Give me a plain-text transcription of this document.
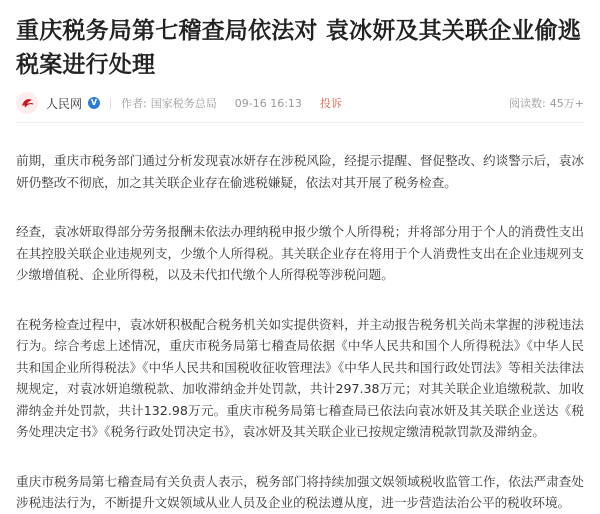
重庆税务局第七稽查局依法对 袁冰妍及其关联企业偷逃税案进行处理
人民网	V 作者: 国家税务总局 09-16 16:13 投诉	阅读数: 45万+

前期，重庆市税务部门通过分析发现袁冰妍存在涉税风险，经提示提醒、督促整改、约谈警示后，袁冰妍仍整改不彻底，加之其关联企业存在偷逃税嫌疑，依法对其开展了税务检查。

经查，袁冰妍取得部分劳务报酬未依法办理纳税申报少缴个人所得税；并将部分用于个人的消费性支出在其控股关联企业违规列支，少缴个人所得税。其关联企业存在将用于个人消费性支出在企业违规列支少缴增值税、企业所得税，以及未代扣代缴个人所得税等涉税问题。

在税务检查过程中，袁冰妍积极配合税务机关如实提供资料，并主动报告税务机关尚未掌握的涉税违法行为。综合考虑上述情况，重庆市税务局第七稽查局依据《中华人民共和国个人所得税法》《中华人民共和国企业所得税法》《中华人民共和国税收征收管理法》《中华人民共和国行政处罚法》等相关法律法规规定，对袁冰妍追缴税款、加收滞纳金并处罚款，共计297.38万元；对其关联企业追缴税款、加收滞纳金并处罚款，共计132.98万元。重庆市税务局第七稽查局已依法向袁冰妍及其关联企业送达《税务处理决定书》《税务行政处罚决定书》，袁冰妍及其关联企业已按规定缴清税款罚款及滞纳金。

重庆市税务局第七稽查局有关负责人表示，税务部门将持续加强文娱领域税收监管工作，依法严肃查处涉税违法行为，不断提升文娱领域从业人员及企业的税法遵从度，进一步营造法治公平的税收环境。
